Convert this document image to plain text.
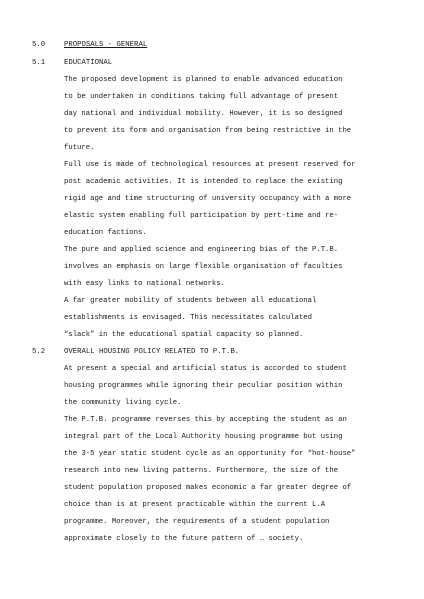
5.0	PROPOSALS - GENERAL
5.1	EDUCATIONAL
The proposed development is planned to enable advanced education
to be undertaken in conditions taking full advantage of present
day national and individual mobility. However, it is so designed
to prevent its form and organisation from being restrictive in the
future.
Full use is made of technological resources at present reserved for
post academic activities. It is intended to replace the existing
rigid age and time structuring of university occupancy with a more
elastic system enabling full participation by pert-time and re-
education factions.
The pure and applied science and engineering bias of the P.T.B.
involves an emphasis on large flexible organisation of faculties
with easy links to national networks.
A far greater mobility of students between all educational
establishments is envisaged. This necessitates calculated
“slack” in the educational spatial capacity so planned.
5.2	OVERALL HOUSING POLICY RELATED TO P.T.B.
At present a special and artificial status is accorded to student
housing programmes while ignoring their peculiar position within
the community living cycle.
The P.T.B. programme reverses this by accepting the student as an
integral part of the Local Authority housing programme but using
the 3-5 year static student cycle as an opportunity for “hot-house”
research into new living patterns. Furthermore, the size of the
student population proposed makes economic a far greater degree of
choice than is at present practicable within the current L.A
programme. Moreover, the requirements of a student population
approximate closely to the future pattern of … society.
